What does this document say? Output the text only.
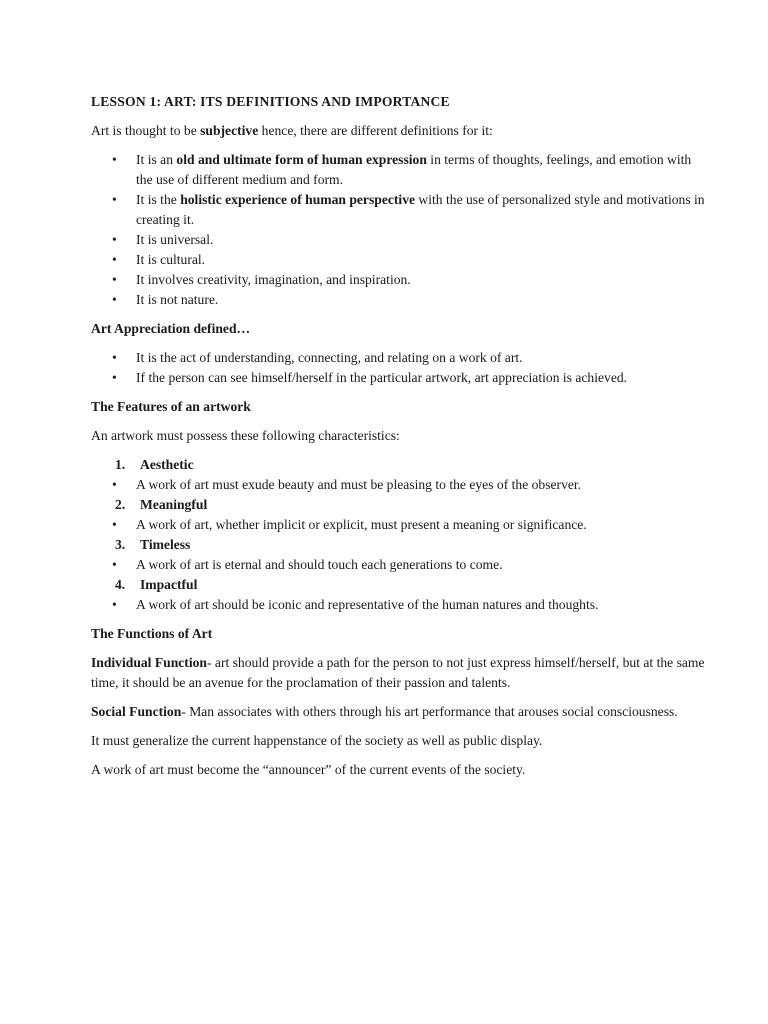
LESSON 1: ART: ITS DEFINITIONS AND IMPORTANCE

Art is thought to be subjective hence, there are different definitions for it:

• It is an old and ultimate form of human expression in terms of thoughts, feelings, and emotion with the use of different medium and form.
• It is the holistic experience of human perspective with the use of personalized style and motivations in creating it.
• It is universal.
• It is cultural.
• It involves creativity, imagination, and inspiration.
• It is not nature.
Art Appreciation defined…
• It is the act of understanding, connecting, and relating on a work of art.
• If the person can see himself/herself in the particular artwork, art appreciation is achieved.
The Features of an artwork

An artwork must possess these following characteristics:

1. Aesthetic
• A work of art must exude beauty and must be pleasing to the eyes of the observer.
2. Meaningful
• A work of art, whether implicit or explicit, must present a meaning or significance.
3. Timeless
• A work of art is eternal and should touch each generations to come.
4. Impactful
• A work of art should be iconic and representative of the human natures and thoughts.
The Functions of Art

Individual Function- art should provide a path for the person to not just express himself/herself, but at the same time, it should be an avenue for the proclamation of their passion and talents.

Social Function- Man associates with others through his art performance that arouses social consciousness.

It must generalize the current happenstance of the society as well as public display.

A work of art must become the “announcer” of the current events of the society.
